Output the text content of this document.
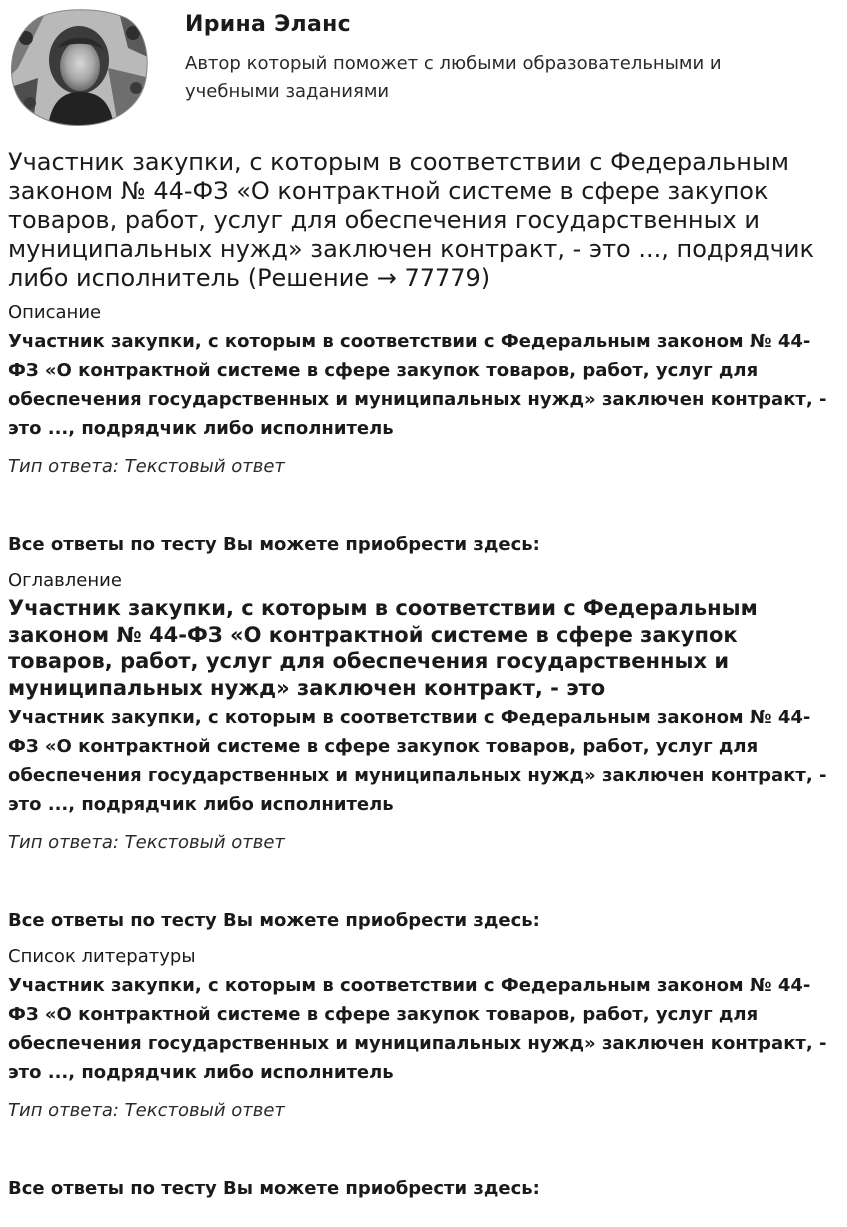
Ирина Эланс
Автор который поможет с любыми образовательными и учебными заданиями
Участник закупки, с которым в соответствии с Федеральным законом № 44-ФЗ «О контрактной системе в сфере закупок товаров, работ, услуг для обеспечения государственных и муниципальных нужд» заключен контракт, - это ..., подрядчик либо исполнитель (Решение → 77779)
Описание
Участник закупки, с которым в соответствии с Федеральным законом № 44-ФЗ «О контрактной системе в сфере закупок товаров, работ, услуг для обеспечения государственных и муниципальных нужд» заключен контракт, - это ..., подрядчик либо исполнитель
Тип ответа: Текстовый ответ
Все ответы по тесту Вы можете приобрести здесь:
Оглавление
Участник закупки, с которым в соответствии с Федеральным законом № 44-ФЗ «О контрактной системе в сфере закупок товаров, работ, услуг для обеспечения государственных и муниципальных нужд» заключен контракт, - это
Участник закупки, с которым в соответствии с Федеральным законом № 44-ФЗ «О контрактной системе в сфере закупок товаров, работ, услуг для обеспечения государственных и муниципальных нужд» заключен контракт, - это ..., подрядчик либо исполнитель
Тип ответа: Текстовый ответ
Все ответы по тесту Вы можете приобрести здесь:
Список литературы
Участник закупки, с которым в соответствии с Федеральным законом № 44-ФЗ «О контрактной системе в сфере закупок товаров, работ, услуг для обеспечения государственных и муниципальных нужд» заключен контракт, - это ..., подрядчик либо исполнитель
Тип ответа: Текстовый ответ
Все ответы по тесту Вы можете приобрести здесь:
